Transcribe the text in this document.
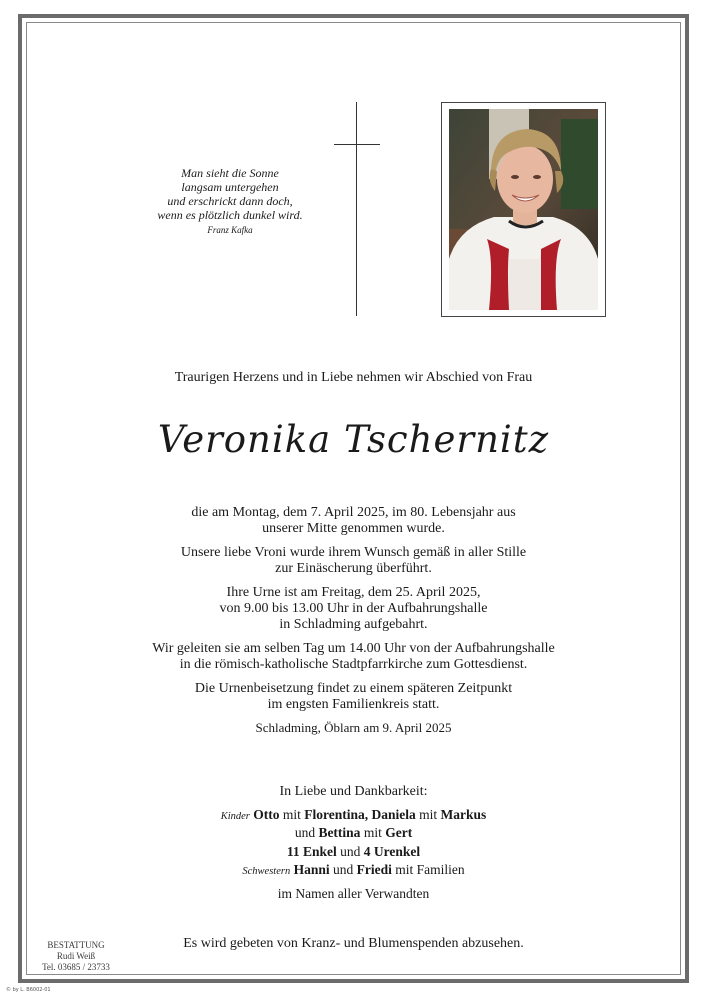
Man sieht die Sonne
langsam untergehen
und erschrickt dann doch,
wenn es plötzlich dunkel wird.
Franz Kafka
Traurigen Herzens und in Liebe nehmen wir Abschied von Frau
Veronika Tschernitz
die am Montag, dem 7. April 2025, im 80. Lebensjahr aus
unserer Mitte genommen wurde.
Unsere liebe Vroni wurde ihrem Wunsch gemäß in aller Stille
zur Einäscherung überführt.
Ihre Urne ist am Freitag, dem 25. April 2025,
von 9.00 bis 13.00 Uhr in der Aufbahrungshalle
in Schladming aufgebahrt.
Wir geleiten sie am selben Tag um 14.00 Uhr von der Aufbahrungshalle
in die römisch-katholische Stadtpfarrkirche zum Gottesdienst.
Die Urnenbeisetzung findet zu einem späteren Zeitpunkt
im engsten Familienkreis statt.
Schladming, Öblarn am 9. April 2025
In Liebe und Dankbarkeit:
Kinder Otto mit Florentina, Daniela mit Markus
und Bettina mit Gert
11 Enkel und 4 Urenkel
Schwestern Hanni und Friedi mit Familien
im Namen aller Verwandten
Es wird gebeten von Kranz- und Blumenspenden abzusehen.
BESTATTUNG
Rudi Weiß
Tel. 03685 / 23733
© by L. B6002-01
